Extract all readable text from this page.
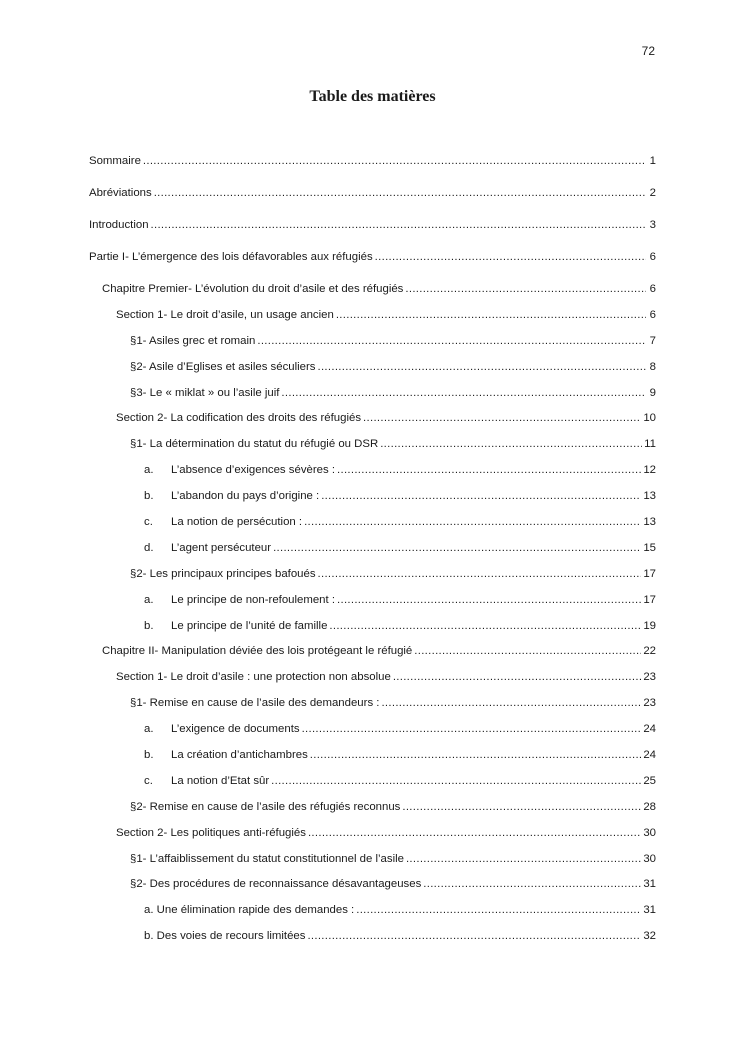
72
Table des matières
Sommaire .....	1
Abréviations .....	2
Introduction .....	3
Partie I- L’émergence des lois défavorables aux réfugiés .....	6
Chapitre Premier- L’évolution du droit d’asile et des réfugiés .....	6
Section 1- Le droit d’asile, un usage ancien .....	6
§1- Asiles grec et romain .....	7
§2- Asile d’Eglises et asiles séculiers .....	8
§3- Le « miklat » ou l’asile juif .....	9
Section 2- La codification des droits des réfugiés .....	10
§1- La détermination du statut du réfugié ou DSR .....	11
a.	L’absence d’exigences sévères : .....	12
b.	L’abandon du pays d’origine : .....	13
c.	La notion de persécution : .....	13
d.	L’agent persécuteur .....	15
§2- Les principaux principes bafoués .....	17
a.	Le principe de non-refoulement : .....	17
b.	Le principe de l’unité de famille .....	19
Chapitre II- Manipulation déviée des lois protégeant le réfugié .....	22
Section 1- Le droit d’asile : une protection non absolue .....	23
§1- Remise en cause de l’asile des demandeurs : .....	23
a.	L’exigence de documents .....	24
b.	La création d’antichambres .....	24
c.	La notion d’Etat sûr .....	25
§2- Remise en cause de l’asile des réfugiés reconnus .....	28
Section 2- Les politiques anti-réfugiés .....	30
§1- L’affaiblissement du statut constitutionnel de l’asile .....	30
§2- Des procédures de reconnaissance désavantageuses .....	31
a. Une élimination rapide des demandes : .....	31
b. Des voies de recours limitées .....	32
